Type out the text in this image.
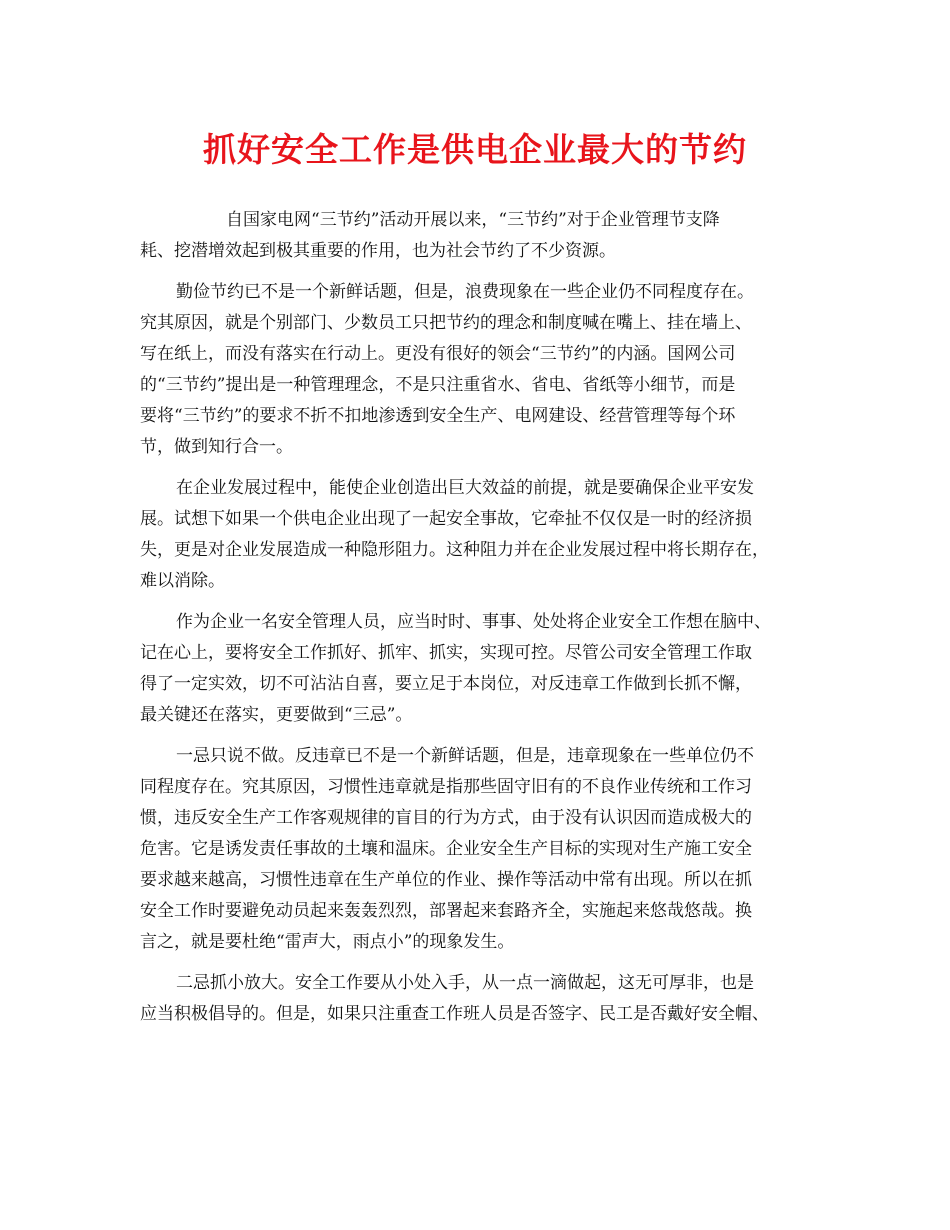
抓好安全工作是供电企业最大的节约
自国家电网“三节约”活动开展以来，“三节约”对于企业管理节支降
耗、挖潜增效起到极其重要的作用，也为社会节约了不少资源。
勤俭节约已不是一个新鲜话题，但是，浪费现象在一些企业仍不同程度存在。
究其原因，就是个别部门、少数员工只把节约的理念和制度喊在嘴上、挂在墙上、
写在纸上，而没有落实在行动上。更没有很好的领会“三节约”的内涵。国网公司
的“三节约”提出是一种管理理念，不是只注重省水、省电、省纸等小细节，而是
要将“三节约”的要求不折不扣地渗透到安全生产、电网建设、经营管理等每个环
节，做到知行合一。
在企业发展过程中，能使企业创造出巨大效益的前提，就是要确保企业平安发
展。试想下如果一个供电企业出现了一起安全事故，它牵扯不仅仅是一时的经济损
失，更是对企业发展造成一种隐形阻力。这种阻力并在企业发展过程中将长期存在，
难以消除。
作为企业一名安全管理人员，应当时时、事事、处处将企业安全工作想在脑中、
记在心上，要将安全工作抓好、抓牢、抓实，实现可控。尽管公司安全管理工作取
得了一定实效，切不可沾沾自喜，要立足于本岗位，对反违章工作做到长抓不懈，
最关键还在落实，更要做到“三忌”。
一忌只说不做。反违章已不是一个新鲜话题，但是，违章现象在一些单位仍不
同程度存在。究其原因，习惯性违章就是指那些固守旧有的不良作业传统和工作习
惯，违反安全生产工作客观规律的盲目的行为方式，由于没有认识因而造成极大的
危害。它是诱发责任事故的土壤和温床。企业安全生产目标的实现对生产施工安全
要求越来越高，习惯性违章在生产单位的作业、操作等活动中常有出现。所以在抓
安全工作时要避免动员起来轰轰烈烈，部署起来套路齐全，实施起来悠哉悠哉。换
言之，就是要杜绝“雷声大，雨点小”的现象发生。
二忌抓小放大。安全工作要从小处入手，从一点一滴做起，这无可厚非，也是
应当积极倡导的。但是，如果只注重查工作班人员是否签字、民工是否戴好安全帽、
